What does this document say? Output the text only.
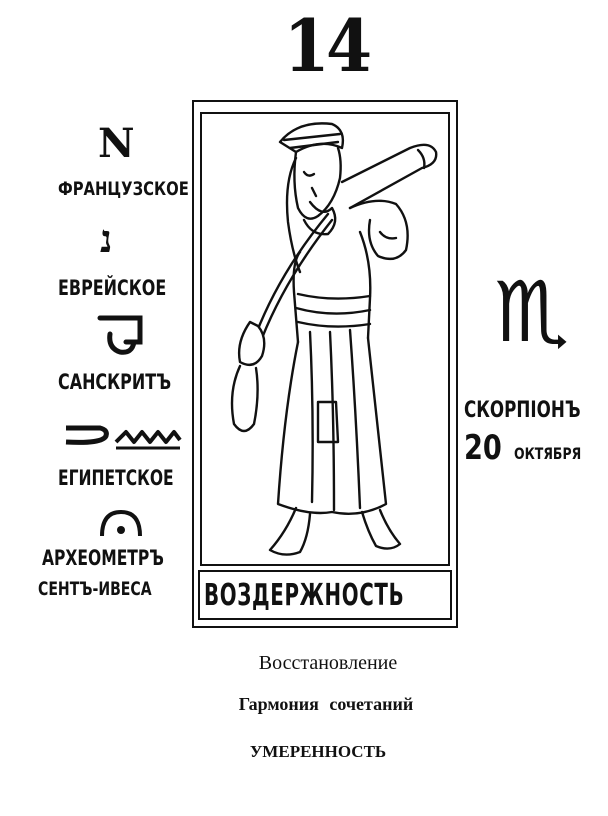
14
N
ФРАНЦУЗСКОЕ
נ
ЕВРЕЙСКОЕ
САНСКРИТЪ
ЕГИПЕТСКОЕ
АРХЕОМЕТРЪ
СЕНТЪ-ИВЕСА ВОЗДЕРЖНОСТЬ
♏
СКОРПІОНЪ
20 ОКТЯБРЯ
Восстановление
Гармония сочетаний
УМЕРЕННОСТЬ
